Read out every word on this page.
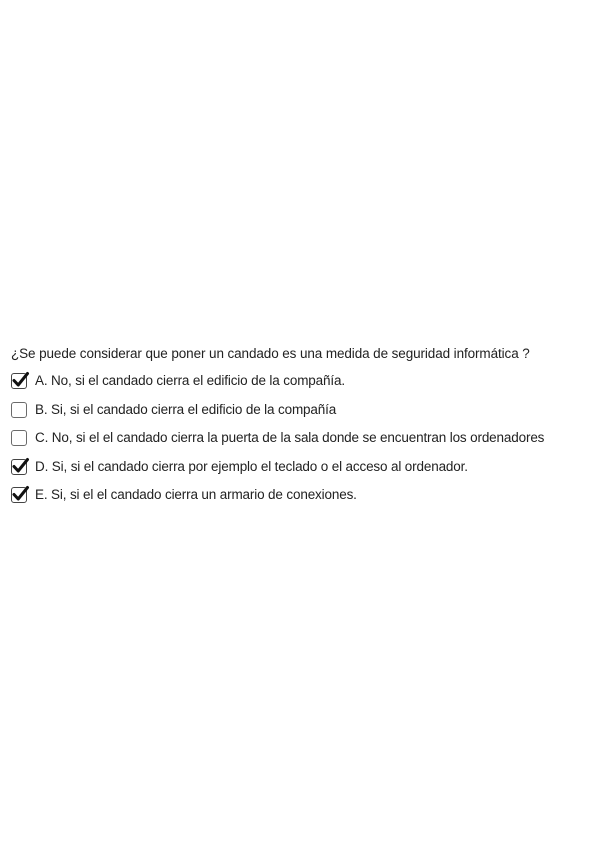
¿Se puede considerar que poner un candado es una medida de seguridad informática ?
A. No, si el candado cierra el edificio de la compañía.
B. Si, si el candado cierra el edificio de la compañía
C. No, si el el candado cierra la puerta de la sala donde se encuentran los ordenadores
D. Si, si el candado cierra por ejemplo el teclado o el acceso al ordenador.
E. Si, si el el candado cierra un armario de conexiones.
